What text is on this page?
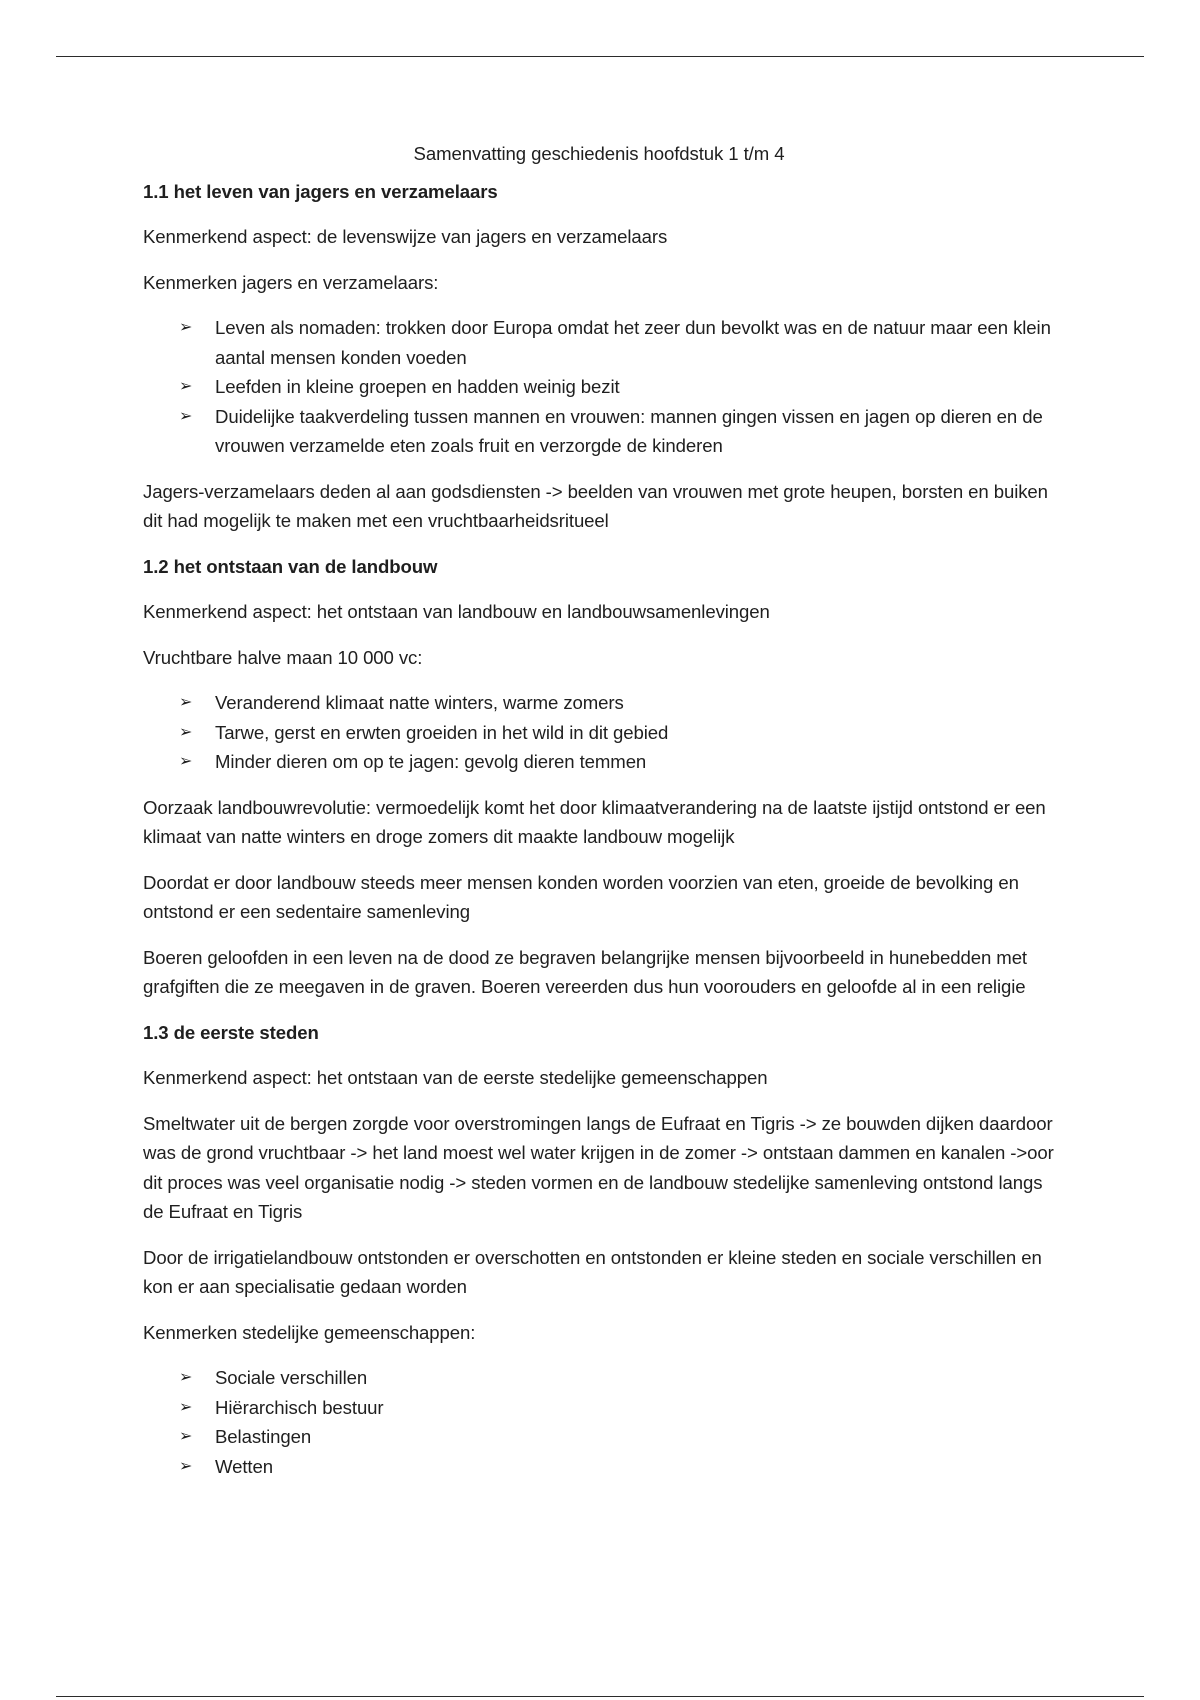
Samenvatting geschiedenis hoofdstuk 1 t/m 4
1.1 het leven van jagers en verzamelaars
Kenmerkend aspect: de levenswijze van jagers en verzamelaars
Kenmerken jagers en verzamelaars:
➢ Leven als nomaden: trokken door Europa omdat het zeer dun bevolkt was en de natuur maar een klein aantal mensen konden voeden
➢ Leefden in kleine groepen en hadden weinig bezit
➢ Duidelijke taakverdeling tussen mannen en vrouwen: mannen gingen vissen en jagen op dieren en de vrouwen verzamelde eten zoals fruit en verzorgde de kinderen
Jagers-verzamelaars deden al aan godsdiensten -> beelden van vrouwen met grote heupen, borsten en buiken dit had mogelijk te maken met een vruchtbaarheidsritueel
1.2 het ontstaan van de landbouw
Kenmerkend aspect: het ontstaan van landbouw en landbouwsamenlevingen
Vruchtbare halve maan 10 000 vc:
➢ Veranderend klimaat natte winters, warme zomers
➢ Tarwe, gerst en erwten groeiden in het wild in dit gebied
➢ Minder dieren om op te jagen: gevolg dieren temmen
Oorzaak landbouwrevolutie: vermoedelijk komt het door klimaatverandering na de laatste ijstijd ontstond er een klimaat van natte winters en droge zomers dit maakte landbouw mogelijk
Doordat er door landbouw steeds meer mensen konden worden voorzien van eten, groeide de bevolking en ontstond er een sedentaire samenleving
Boeren geloofden in een leven na de dood ze begraven belangrijke mensen bijvoorbeeld in hunebedden met grafgiften die ze meegaven in de graven. Boeren vereerden dus hun voorouders en geloofde al in een religie
1.3 de eerste steden
Kenmerkend aspect: het ontstaan van de eerste stedelijke gemeenschappen
Smeltwater uit de bergen zorgde voor overstromingen langs de Eufraat en Tigris -> ze bouwden dijken daardoor was de grond vruchtbaar -> het land moest wel water krijgen in de zomer -> ontstaan dammen en kanalen ->oor dit proces was veel organisatie nodig -> steden vormen en de landbouw stedelijke samenleving ontstond langs de Eufraat en Tigris
Door de irrigatielandbouw ontstonden er overschotten en ontstonden er kleine steden en sociale verschillen en kon er aan specialisatie gedaan worden
Kenmerken stedelijke gemeenschappen:
➢ Sociale verschillen
➢ Hiërarchisch bestuur
➢ Belastingen
➢ Wetten
